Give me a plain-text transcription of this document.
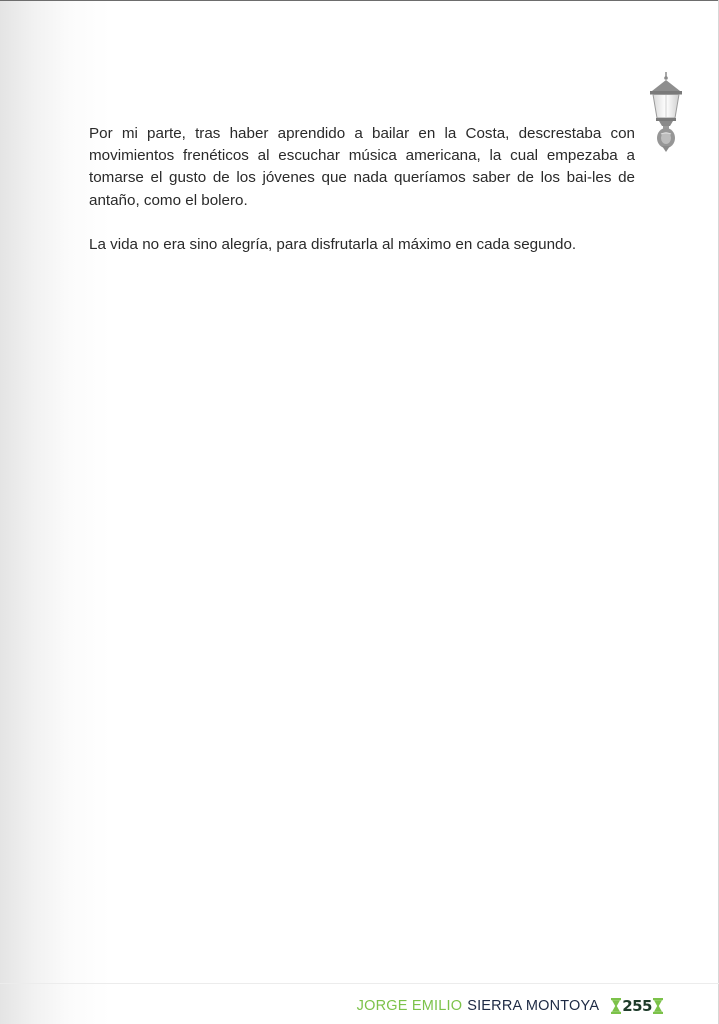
Por mi parte, tras haber aprendido a bailar en la Costa, descrestaba con movimientos frenéticos al escuchar música americana, la cual empezaba a tomarse el gusto de los jóvenes que nada queríamos saber de los bai-les de antaño, como el bolero.

La vida no era sino alegría, para disfrutarla al máximo en cada segundo.

JORGE EMILIO SIERRA MONTOYA 255
